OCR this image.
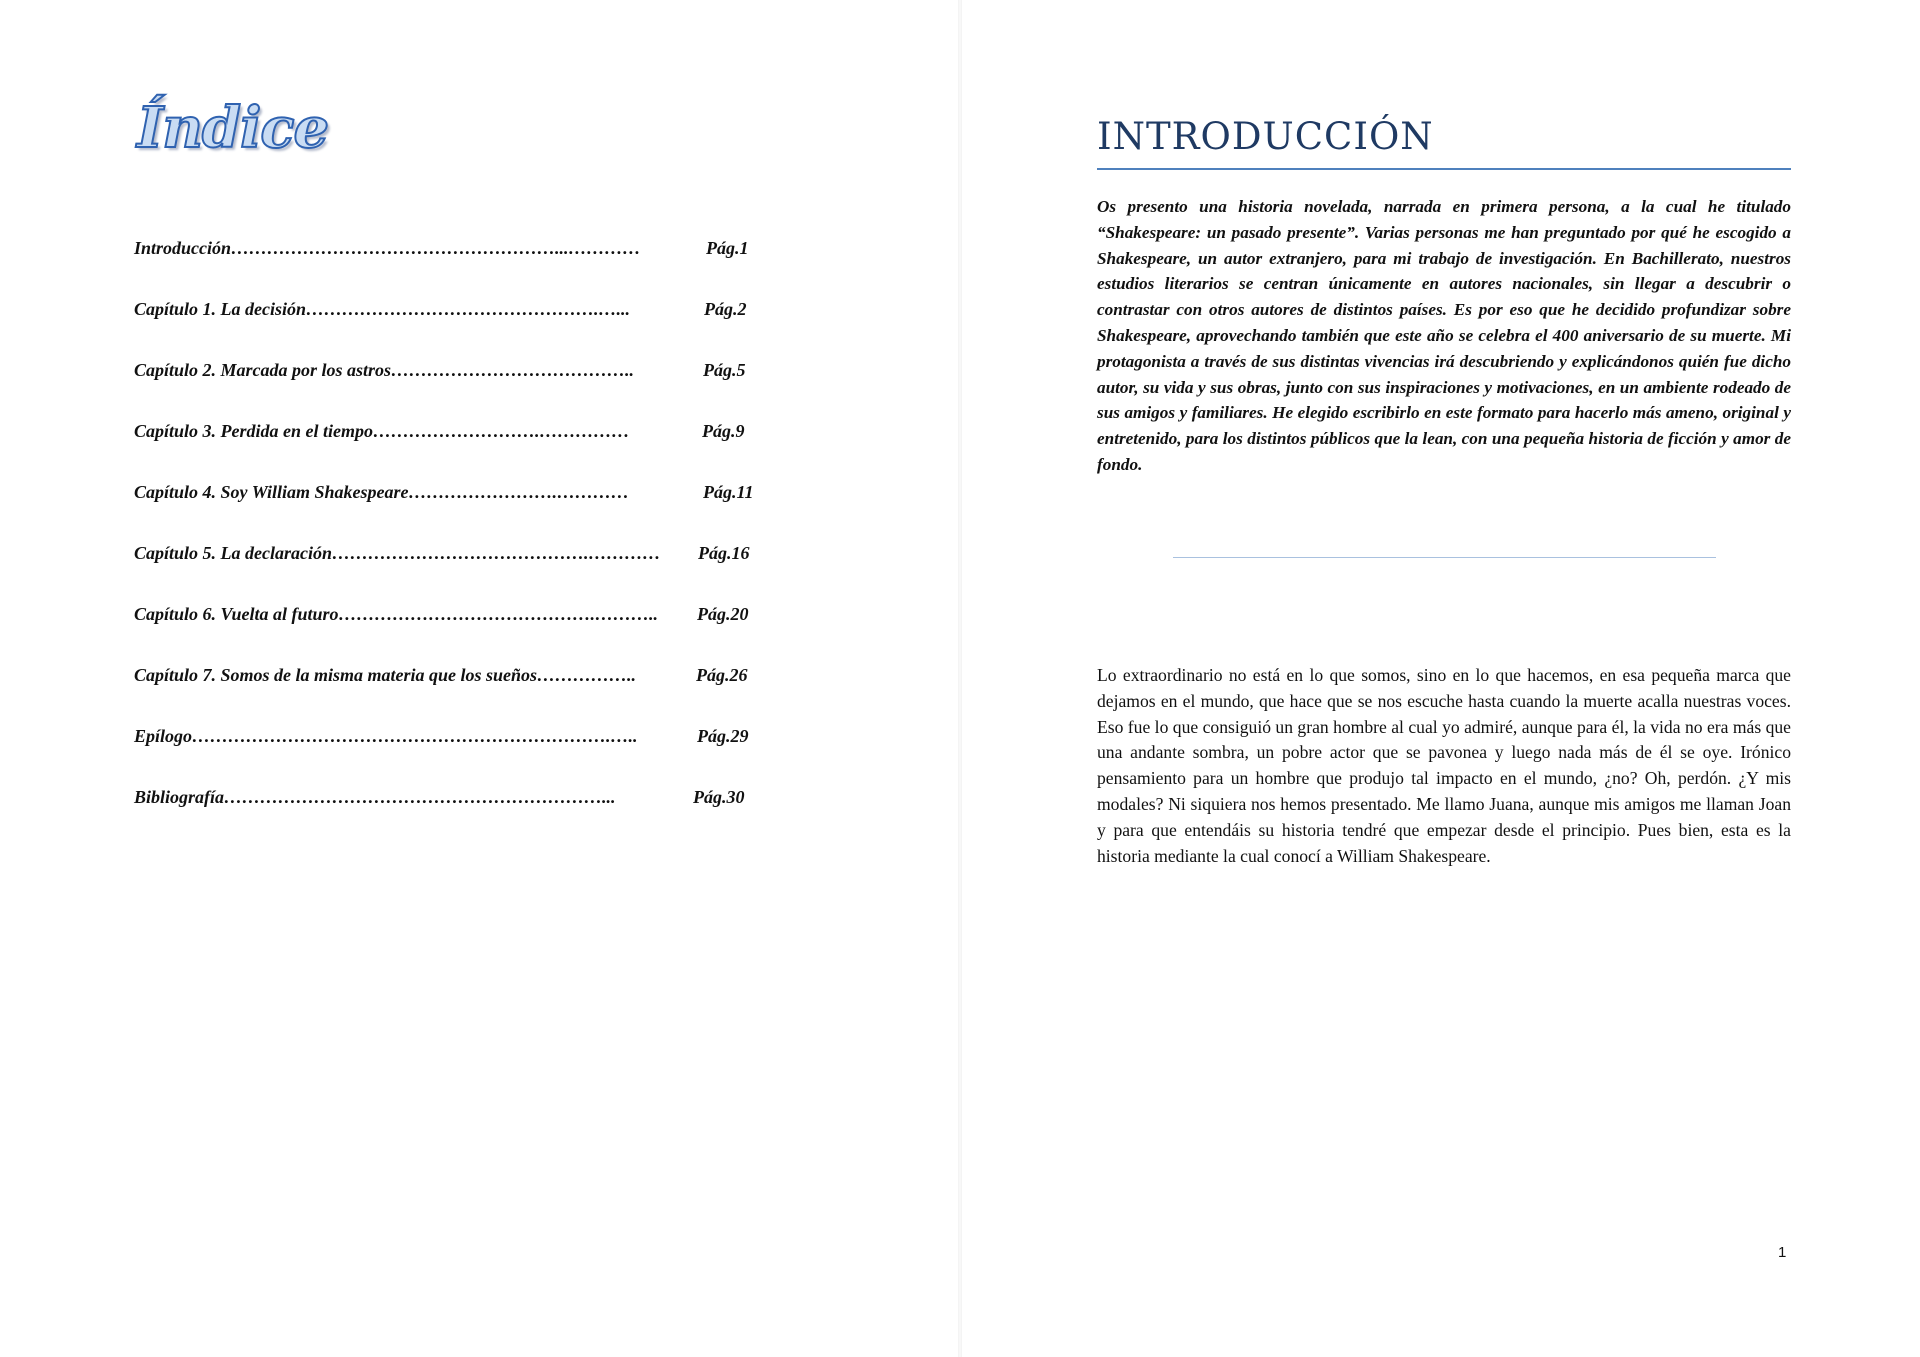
Índice
Introducción………………………………………………...…………	Pág.1
Capítulo 1. La decisión………………………………………….…...	Pág.2
Capítulo 2. Marcada por los astros…………………………………..	Pág.5
Capítulo 3. Perdida en el tiempo……………………….……………	Pág.9
Capítulo 4. Soy William Shakespeare…………………….…………	Pág.11
Capítulo 5. La declaración…………………………………….………… Pág.16
Capítulo 6. Vuelta al futuro…………………………………….……….. Pág.20
Capítulo 7. Somos de la misma materia que los sueños……………..	Pág.26
Epílogo…………………………………………………………….…..	Pág.29
Bibliografía………………………………………………………...	Pág.30
INTRODUCCIÓN

Os presento una historia novelada, narrada en primera persona, a la cual he titulado “Shakespeare: un pasado presente”. Varias personas me han preguntado por qué he escogido a Shakespeare, un autor extranjero, para mi trabajo de investigación. En Bachillerato, nuestros estudios literarios se centran únicamente en autores nacionales, sin llegar a descubrir o contrastar con otros autores de distintos países. Es por eso que he decidido profundizar sobre Shakespeare, aprovechando también que este año se celebra el 400 aniversario de su muerte. Mi protagonista a través de sus distintas vivencias irá descubriendo y explicándonos quién fue dicho autor, su vida y sus obras, junto con sus inspiraciones y motivaciones, en un ambiente rodeado de sus amigos y familiares. He elegido escribirlo en este formato para hacerlo más ameno, original y entretenido, para los distintos públicos que la lean, con una pequeña historia de ficción y amor de fondo.

Lo extraordinario no está en lo que somos, sino en lo que hacemos, en esa pequeña marca que dejamos en el mundo, que hace que se nos escuche hasta cuando la muerte acalla nuestras voces. Eso fue lo que consiguió un gran hombre al cual yo admiré, aunque para él, la vida no era más que una andante sombra, un pobre actor que se pavonea y luego nada más de él se oye. Irónico pensamiento para un hombre que produjo tal impacto en el mundo, ¿no? Oh, perdón. ¿Y mis modales? Ni siquiera nos hemos presentado. Me llamo Juana, aunque mis amigos me llaman Joan y para que entendáis su historia tendré que empezar desde el principio. Pues bien, esta es la historia mediante la cual conocí a William Shakespeare.

1
